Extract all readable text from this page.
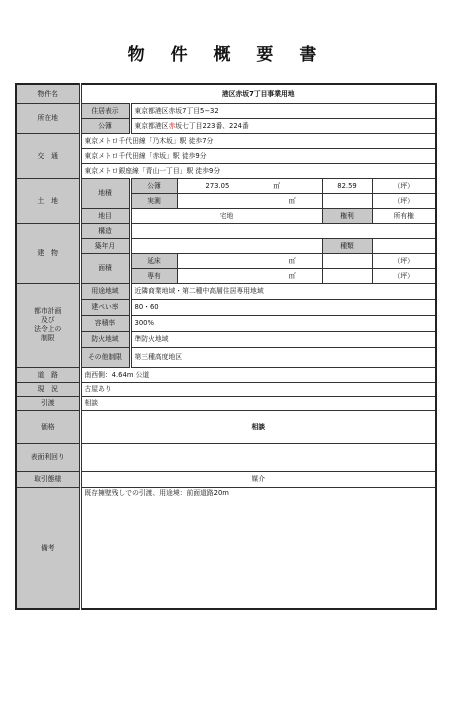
物 件 概 要 書
物件名	港区赤坂7丁目事業用地				
所在地	住居表示	東京都港区赤坂7丁目5−32			
	公簿	東京都港区赤坂七丁目223番、224番			
交　通	東京メトロ千代田線「乃木坂」駅 徒歩7分				
	東京メトロ千代田線「赤坂」駅 徒歩9分				
	東京メトロ銀座線「青山一丁目」駅 徒歩9分				
土　地	地積	公簿	273.05 ㎡	82.59	（坪）
		実測	㎡		（坪）
	地目	宅地		権利	所有権
建　物	構造				
	築年月			種類	
	面積	延床	㎡		（坪）
		専有	㎡		（坪）

都市計画
及び
法令上の
制限	用途地域	近隣商業地域・第二種中高層住居専用地域			
	建ぺい率	80・60			
	容積率	300%			
	防火地域	準防火地域			
	その他制限	第三種高度地区			
道　路	南西側：4.64m 公道				
現　況	古屋あり				
引渡	相談				
価格	相談				
表面利回り					
取引態様	媒介				
備考	既存擁壁残しでの引渡、用途境：前面道路20m				
